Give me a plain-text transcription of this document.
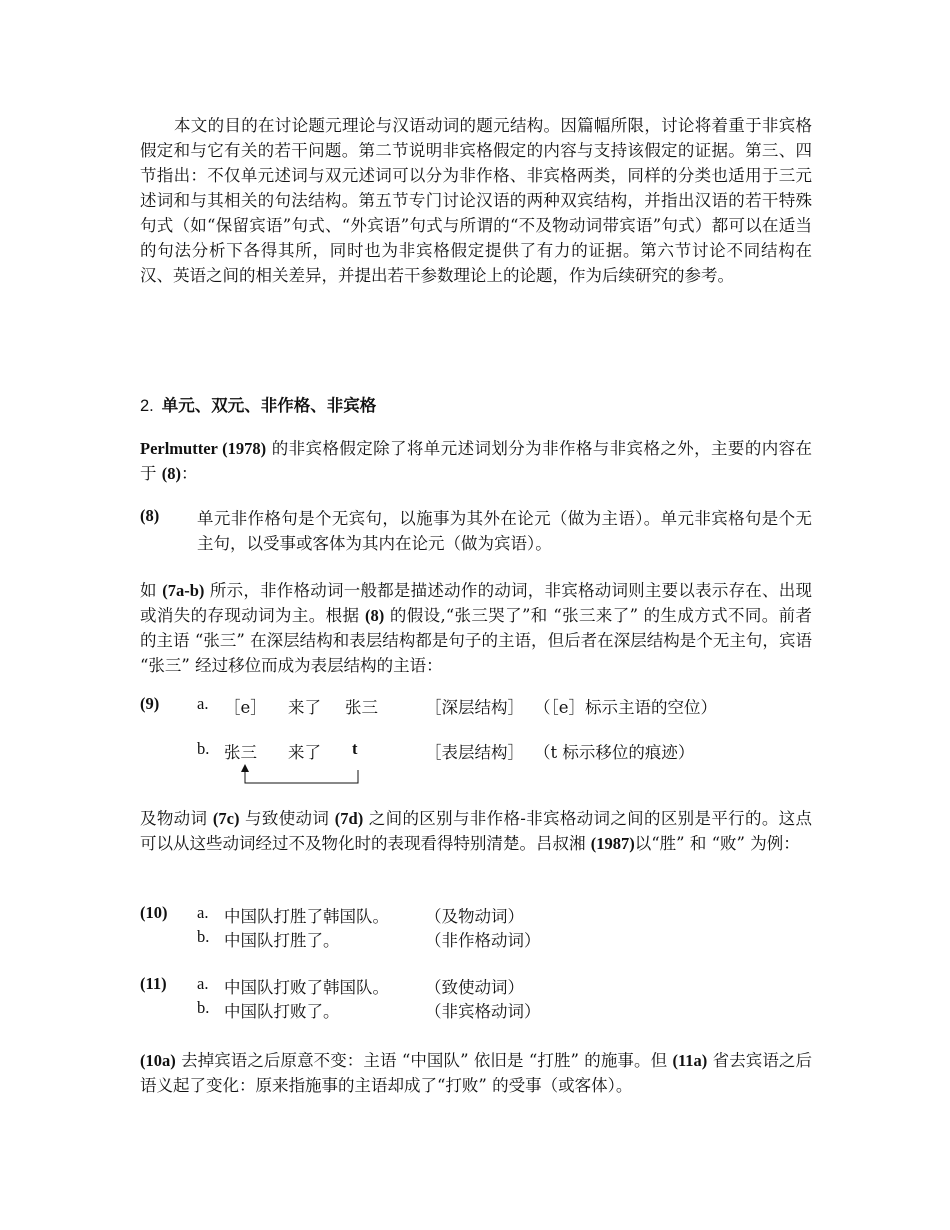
本文的目的在讨论题元理论与汉语动词的题元结构。因篇幅所限，讨论将着重于非宾格假定和与它有关的若干问题。第二节说明非宾格假定的内容与支持该假定的证据。第三、四节指出：不仅单元述词与双元述词可以分为非作格、非宾格两类，同样的分类也适用于三元述词和与其相关的句法结构。第五节专门讨论汉语的两种双宾结构，并指出汉语的若干特殊句式（如“保留宾语”句式、“外宾语”句式与所谓的“不及物动词带宾语”句式）都可以在适当的句法分析下各得其所，同时也为非宾格假定提供了有力的证据。第六节讨论不同结构在汉、英语之间的相关差异，并提出若干参数理论上的论题，作为后续研究的参考。

2. 单元、双元、非作格、非宾格

Perlmutter (1978) 的非宾格假定除了将单元述词划分为非作格与非宾格之外，主要的内容在于 (8)：

(8) 单元非作格句是个无宾句，以施事为其外在论元（做为主语）。单元非宾格句是个无主句，以受事或客体为其内在论元（做为宾语）。

如 (7a-b) 所示，非作格动词一般都是描述动作的动词，非宾格动词则主要以表示存在、出现或消失的存现动词为主。根据 (8) 的假设,“张三哭了”和 “张三来了” 的生成方式不同。前者的主语 “张三” 在深层结构和表层结构都是句子的主语，但后者在深层结构是个无主句，宾语 “张三” 经过移位而成为表层结构的主语：

(9) a. ［e］ 来了 张三	［深层结构］ （［e］标示主语的空位）
b. 张三 来了 t	［表层结构］ （t 标示移位的痕迹）

及物动词 (7c) 与致使动词 (7d) 之间的区别与非作格-非宾格动词之间的区别是平行的。这点可以从这些动词经过不及物化时的表现看得特别清楚。吕叔湘 (1987)以“胜” 和 “败” 为例：

(10) a. 中国队打胜了韩国队。 （及物动词）
b. 中国队打胜了。	（非作格动词）
(11) a. 中国队打败了韩国队。 （致使动词）
b. 中国队打败了。	（非宾格动词）

(10a) 去掉宾语之后原意不变：主语 “中国队” 依旧是 “打胜” 的施事。但 (11a) 省去宾语之后语义起了变化：原来指施事的主语却成了“打败” 的受事（或客体）。
